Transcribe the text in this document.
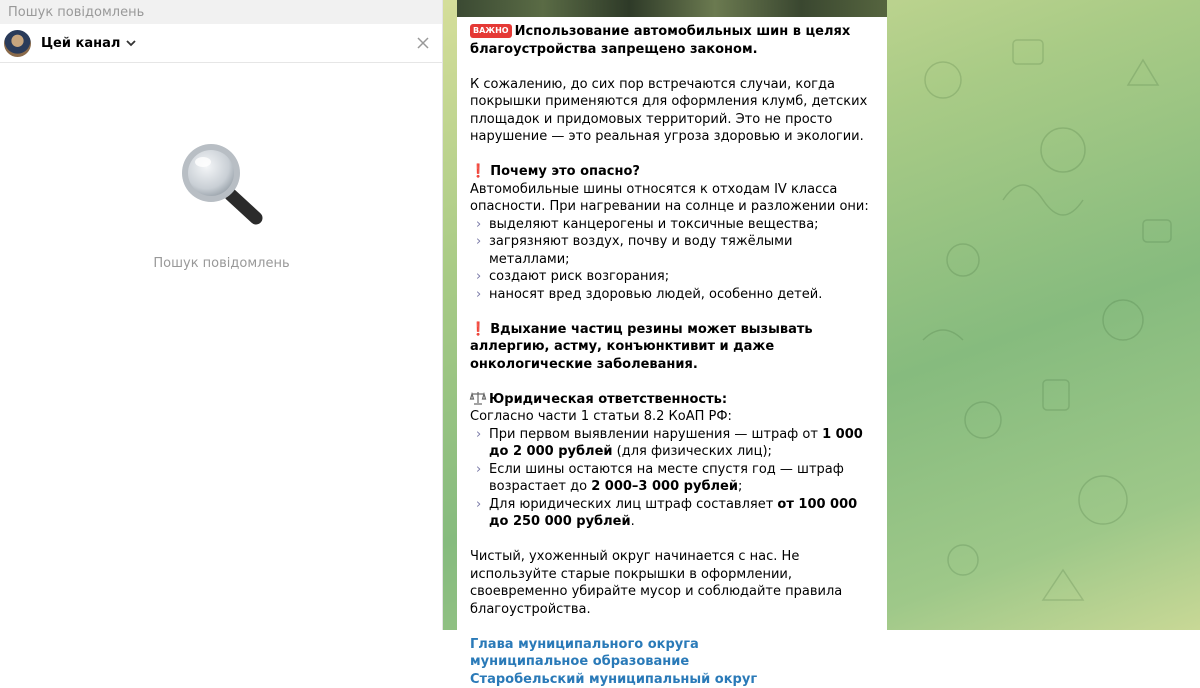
Пошук повідомлень
Цей канал
Пошук повідомлень

ВАЖНО Использование автомобильных шин в целях благоустройства запрещено законом.

К сожалению, до сих пор встречаются случаи, когда покрышки применяются для оформления клумб, детских площадок и придомовых территорий. Это не просто нарушение — это реальная угроза здоровью и экологии.

❗ Почему это опасно?

Автомобильные шины относятся к отходам IV класса опасности. При нагревании на солнце и разложении они:

› выделяют канцерогены и токсичные вещества;
› загрязняют воздух, почву и воду тяжёлыми металлами;
› создают риск возгорания;
› наносят вред здоровью людей, особенно детей.

❗ Вдыхание частиц резины может вызывать аллергию, астму, конъюнктивит и даже онкологические заболевания.

Юридическая ответственность:

Согласно части 1 статьи 8.2 КоАП РФ:

› При первом выявлении нарушения — штраф от 1 000 до 2 000 рублей (для физических лиц);
› Если шины остаются на месте спустя год — штраф возрастает до 2 000–3 000 рублей;
› Для юридических лиц штраф составляет от 100 000 до 250 000 рублей.

Чистый, ухоженный округ начинается с нас. Не используйте старые покрышки в оформлении, своевременно убирайте мусор и соблюдайте правила благоустройства.

Глава муниципального округа
муниципальное образование
Старобельский муниципальный округ
